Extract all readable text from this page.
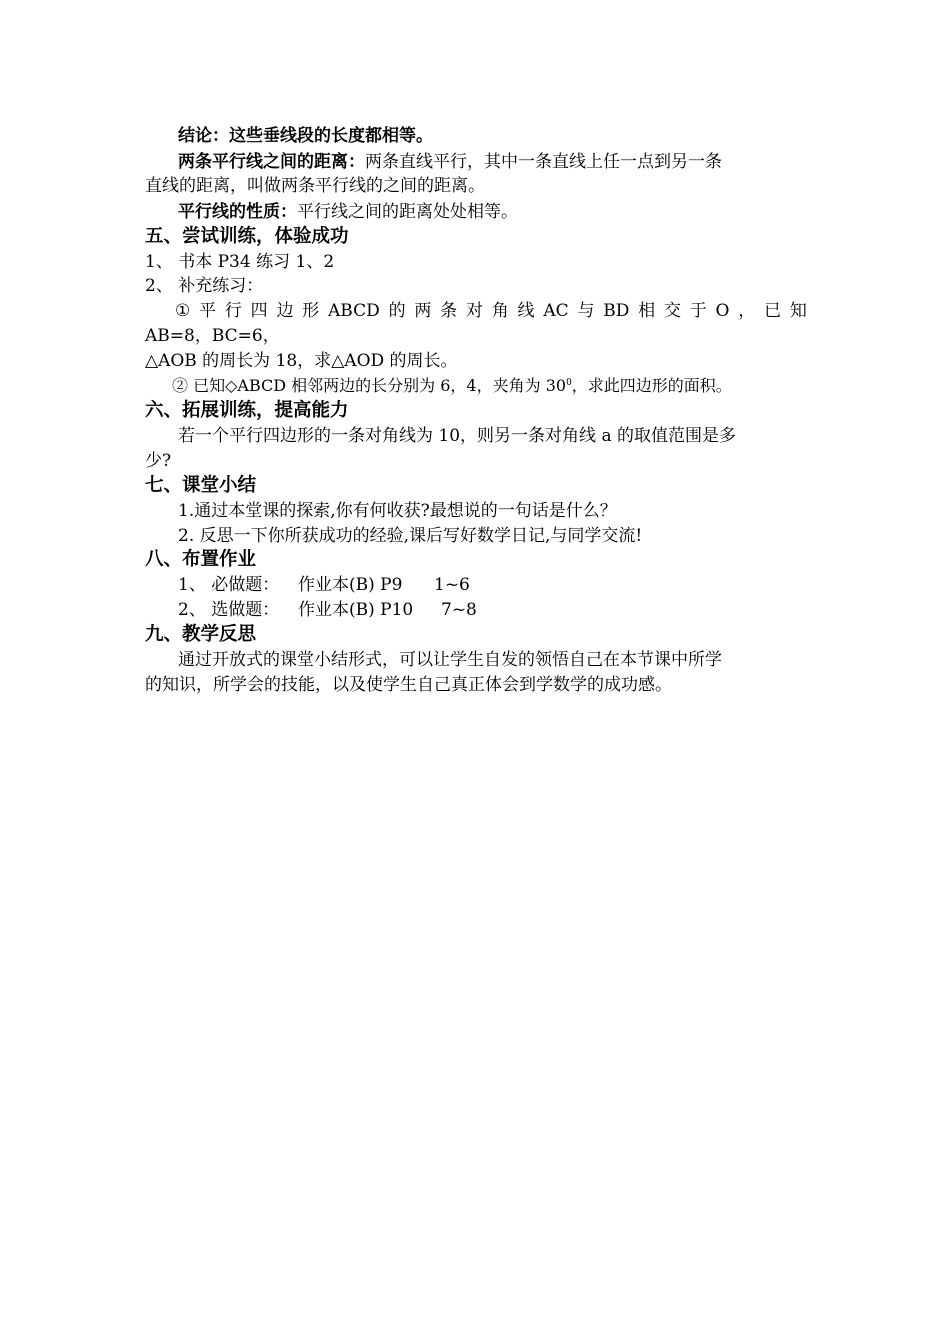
结论：这些垂线段的长度都相等。
两条平行线之间的距离：两条直线平行，其中一条直线上任一点到另一条
直线的距离，叫做两条平行线的之间的距离。
平行线的性质：平行线之间的距离处处相等。
五、尝试训练，体验成功
1、 书本 P34 练习 1、2
2、 补充练习：
① 平 行 四 边 形 ABCD 的 两 条 对 角 线 AC 与 BD 相 交 于 O ， 已 知
AB=8，BC=6，
△AOB 的周长为 18，求△AOD 的周长。
② 已知◇ABCD 相邻两边的长分别为 6，4，夹角为 $30^0$，求此四边形的面积。
六、拓展训练，提高能力
若一个平行四边形的一条对角线为 10，则另一条对角线 a 的取值范围是多
少?
七、课堂小结
1.通过本堂课的探索,你有何收获?最想说的一句话是什么？
2. 反思一下你所获成功的经验,课后写好数学日记,与同学交流!
八、布置作业
1、 必做题： 作业本(B) P9 1~6
2、 选做题： 作业本(B) P10 7~8
九、教学反思
通过开放式的课堂小结形式，可以让学生自发的领悟自己在本节课中所学
的知识，所学会的技能，以及使学生自己真正体会到学数学的成功感。
